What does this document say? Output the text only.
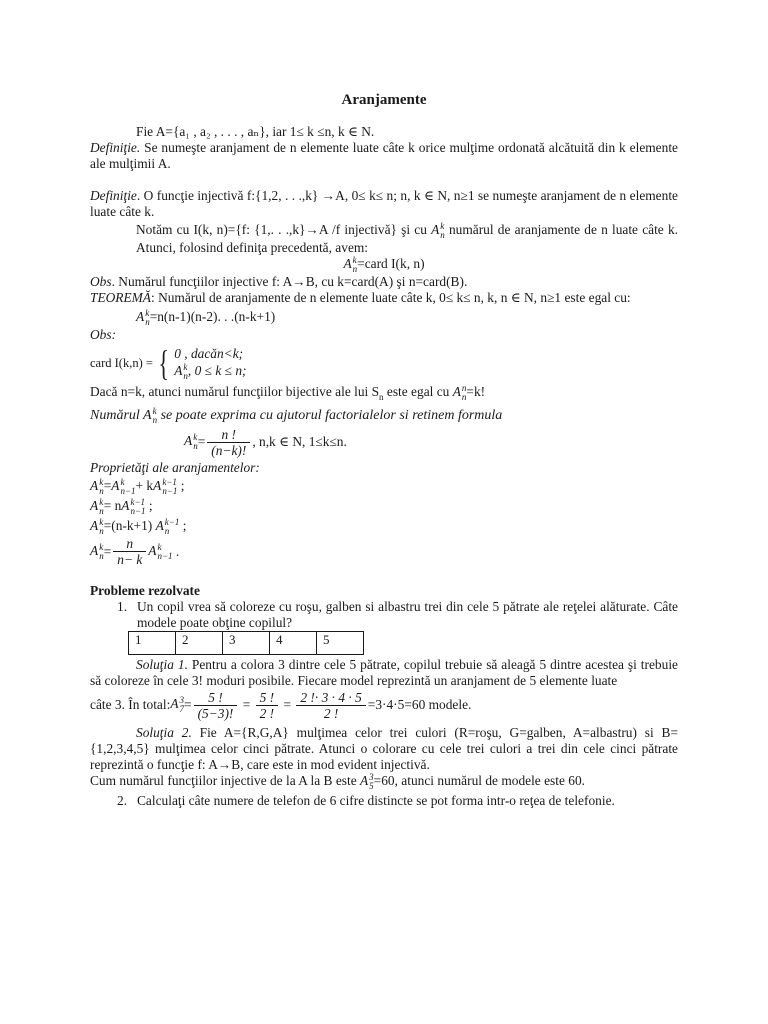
Aranjamente

Fie A={a₁ , a₂ , . . . , aₙ}, iar 1≤ k ≤n, k ∈ N.

Definiţie. Se numeşte aranjament de n elemente luate câte k orice mulţime ordonată alcătuită din k elemente ale mulţimii A.

Definiţie. O funcţie injectivă f:{1,2, . . .,k} →A, 0≤ k≤ n; n, k ∈ N, n≥1 se numeşte aranjament de n elemente luate câte k.

Notăm cu I(k, n)={f: {1,. . .,k}→A /f injectivă} şi cu A k
n numărul de aranjamente de n luate câte k. Atunci, folosind definiţa precedentă, avem:

A k
n =card I(k, n)

Obs. Numărul funcţiilor injective f: A→B, cu k=card(A) şi n=card(B).

TEOREMĂ: Numărul de aranjamente de n elemente luate câte k, 0≤ k≤ n, k, n ∈ N, n≥1 este egal cu:

A k
n =n(n-1)(n-2). . .(n-k+1)

Obs:

card I(k,n) = { 0 , dacăn<k;
A k
n , 0 ≤ k ≤ n;

Dacă n=k, atunci numărul funcţiilor bijective ale lui $S_n$ este egal cu A n
n =k!

Numărul A k
n se poate exprima cu ajutorul factorialelor si retinem formula

A k
$n = \frac{n !}{(n-k)!}$ , n,k ∈ N, 1≤k≤n.

Proprietăţi ale aranjamentelor:

A k
n =A k
n−1 + kA k−1
n−1 ;
A k
n = nA k−1
n−1 ;
A k
n =(n-k+1) A k−1
n ;
A k
$n = \frac{n}{n- k}$ A k
n−1 .

Probleme rezolvate

1. Un copil vrea să coloreze cu roşu, galben si albastru trei din cele 5 pătrate ale reţelei alăturate. Câte modele poate obţine copilul?

1	2	3	4	5

Soluţia 1. Pentru a colora 3 dintre cele 5 pătrate, copilul trebuie să aleagă 5 dintre acestea şi trebuie să coloreze în cele 3! moduri posibile. Fiecare model reprezintă un aranjament de 5 elemente luate

câte 3. În total: A 3
$7 = \frac{5 !}{(5-3)!} = \frac{5 !}{2 !} = \frac{2 !\cdot 3 \cdot 4 \cdot 5}{2 !} =3\cdot 4\cdot 5=60$ modele.

Soluţia 2. Fie A={R,G,A} mulţimea celor trei culori (R=roşu, G=galben, A=albastru) si B={1,2,3,4,5} mulţimea celor cinci pătrate. Atunci o colorare cu cele trei culori a trei din cele cinci pătrate reprezintă o funcţie f: A→B, care este in mod evident injectivă.

Cum numărul funcţiilor injective de la A la B este A 3
5 =60, atunci numărul de modele este 60.

2. Calculaţi câte numere de telefon de 6 cifre distincte se pot forma intr-o reţea de telefonie.
